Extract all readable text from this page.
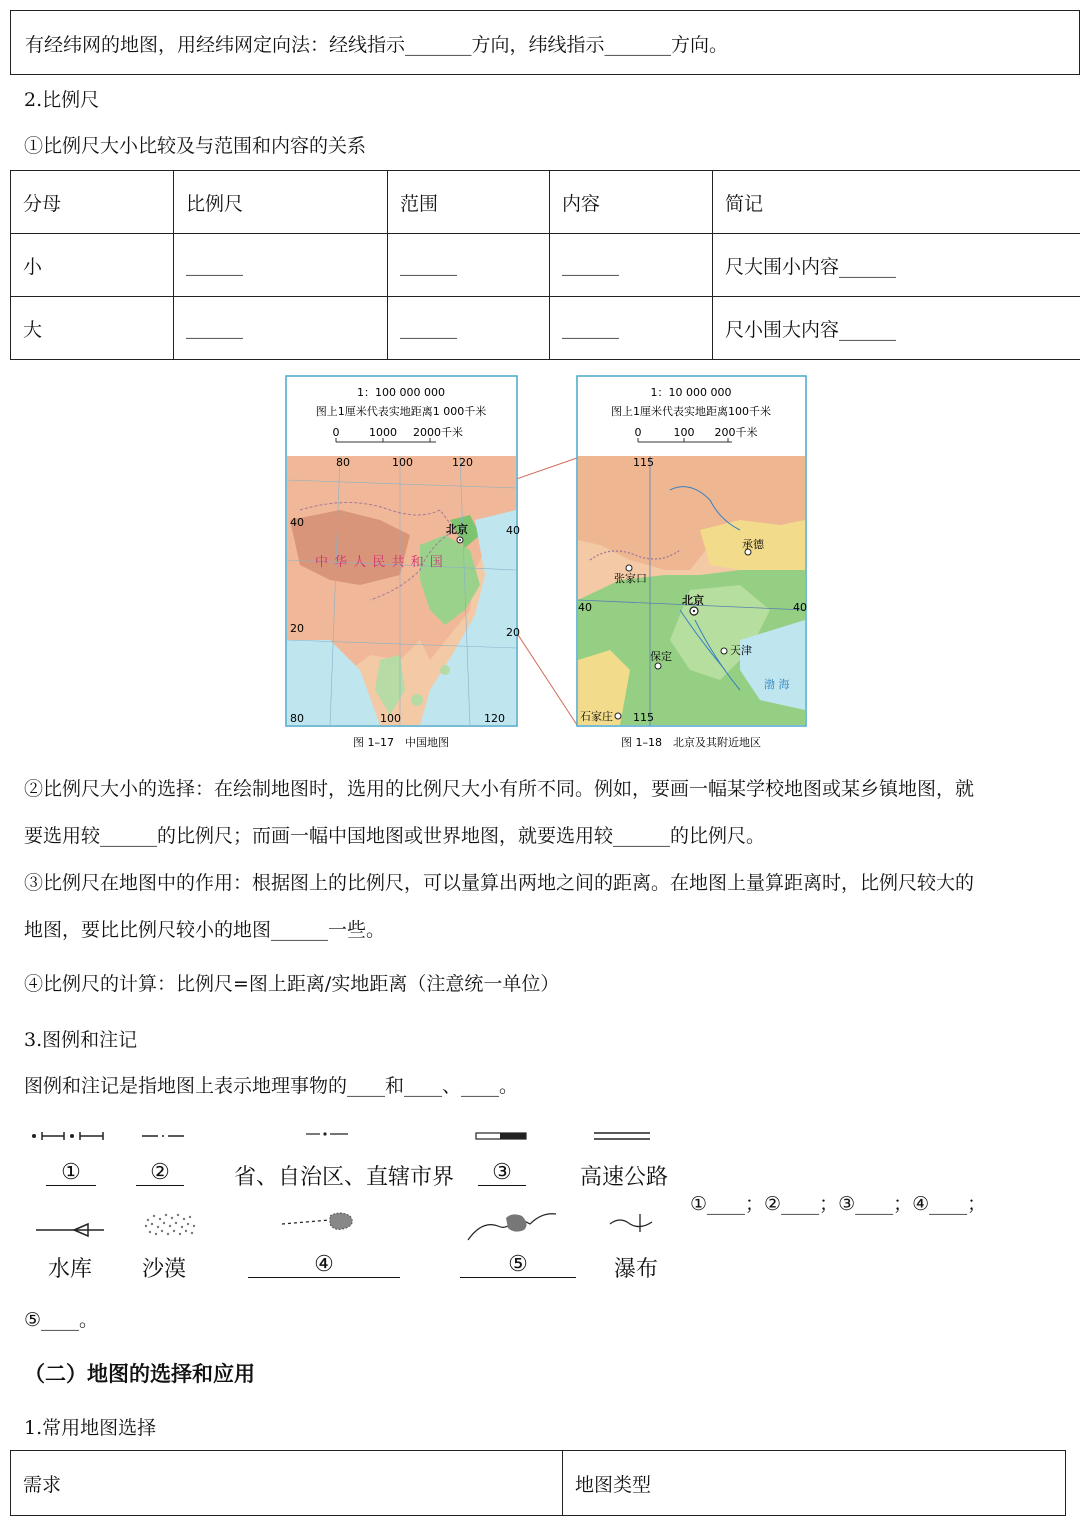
有经纬网的地图，用经纬网定向法：经线指示_______方向，纬线指示_______方向。
2.比例尺
①比例尺大小比较及与范围和内容的关系
分母	比例尺	范围	内容	简记
小	______	______	______	尺大围小内容______
大	______	______	______	尺小围大内容______
北京
中 华 人 民 共 和 国
80	100	120
40
20
40
20
80	100	120
1：100 000 000
图上1厘米代表实地距离1 000千米
0	1000 2000千米
图 1–17　中国地图
承德
张家口
北京
保定	天津
石家庄
渤 海
115
115
40	40
1：10 000 000
图上1厘米代表实地距离100千米
0	100 200千米
图 1–18　北京及其附近地区
②比例尺大小的选择：在绘制地图时，选用的比例尺大小有所不同。例如，要画一幅某学校地图或某乡镇地图，就
要选用较______的比例尺；而画一幅中国地图或世界地图，就要选用较______的比例尺。
③比例尺在地图中的作用：根据图上的比例尺，可以量算出两地之间的距离。在地图上量算距离时，比例尺较大的
地图，要比比例尺较小的地图______一些。
④比例尺的计算：比例尺=图上距离/实地距离（注意统一单位）
3.图例和注记
图例和注记是指地图上表示地理事物的____和____、____。
①	②	省、自治区、直辖市界	③	高速公路
水库 沙漠	④	⑤	瀑布
①____；②____；③____；④____；
⑤____。
（二）地图的选择和应用
1.常用地图选择
需求	地图类型
